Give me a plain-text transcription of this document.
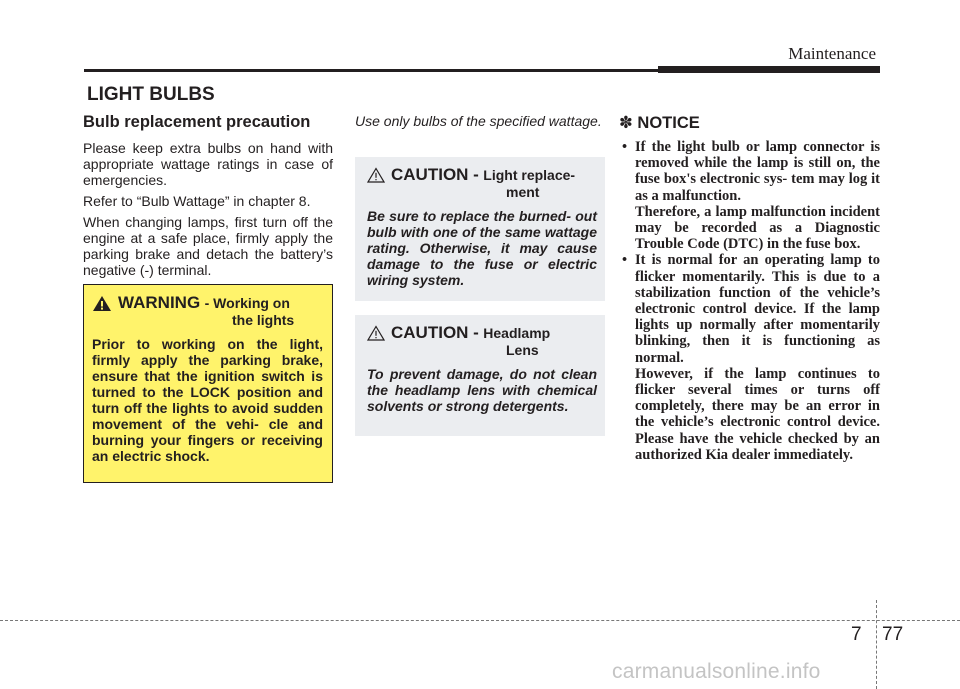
Maintenance
LIGHT BULBS
Bulb replacement precaution

Please keep extra bulbs on hand with appropriate wattage ratings in case of emergencies.

Refer to “Bulb Wattage” in chapter 8.

When changing lamps, first turn off the engine at a safe place, firmly apply the parking brake and detach the battery’s negative (-) terminal.

WARNING - Working on
the lights
Prior to working on the light, firmly apply the parking brake, ensure that the ignition switch is turned to the LOCK position and turn off the lights to avoid sudden movement of the vehi- cle and burning your fingers or receiving an electric shock.

Use only bulbs of the specified wattage.

CAUTION - Light replace-
ment
Be sure to replace the burned- out bulb with one of the same wattage rating. Otherwise, it may cause damage to the fuse or electric wiring system.
CAUTION - Headlamp
Lens
To prevent damage, do not clean the headlamp lens with chemical solvents or strong detergents.
✽ NOTICE
• If the light bulb or lamp connector is removed while the lamp is still on, the fuse box's electronic sys- tem may log it as a malfunction.
Therefore, a lamp malfunction incident may be recorded as a Diagnostic Trouble Code (DTC) in the fuse box.
• It is normal for an operating lamp to flicker momentarily. This is due to a stabilization function of the vehicle’s electronic control device. If the lamp lights up normally after momentarily blinking, then it is functioning as normal.
However, if the lamp continues to flicker several times or turns off completely, there may be an error in the vehicle’s electronic control device. Please have the vehicle checked by an authorized Kia dealer immediately.
7 77
carmanualsonline.info
